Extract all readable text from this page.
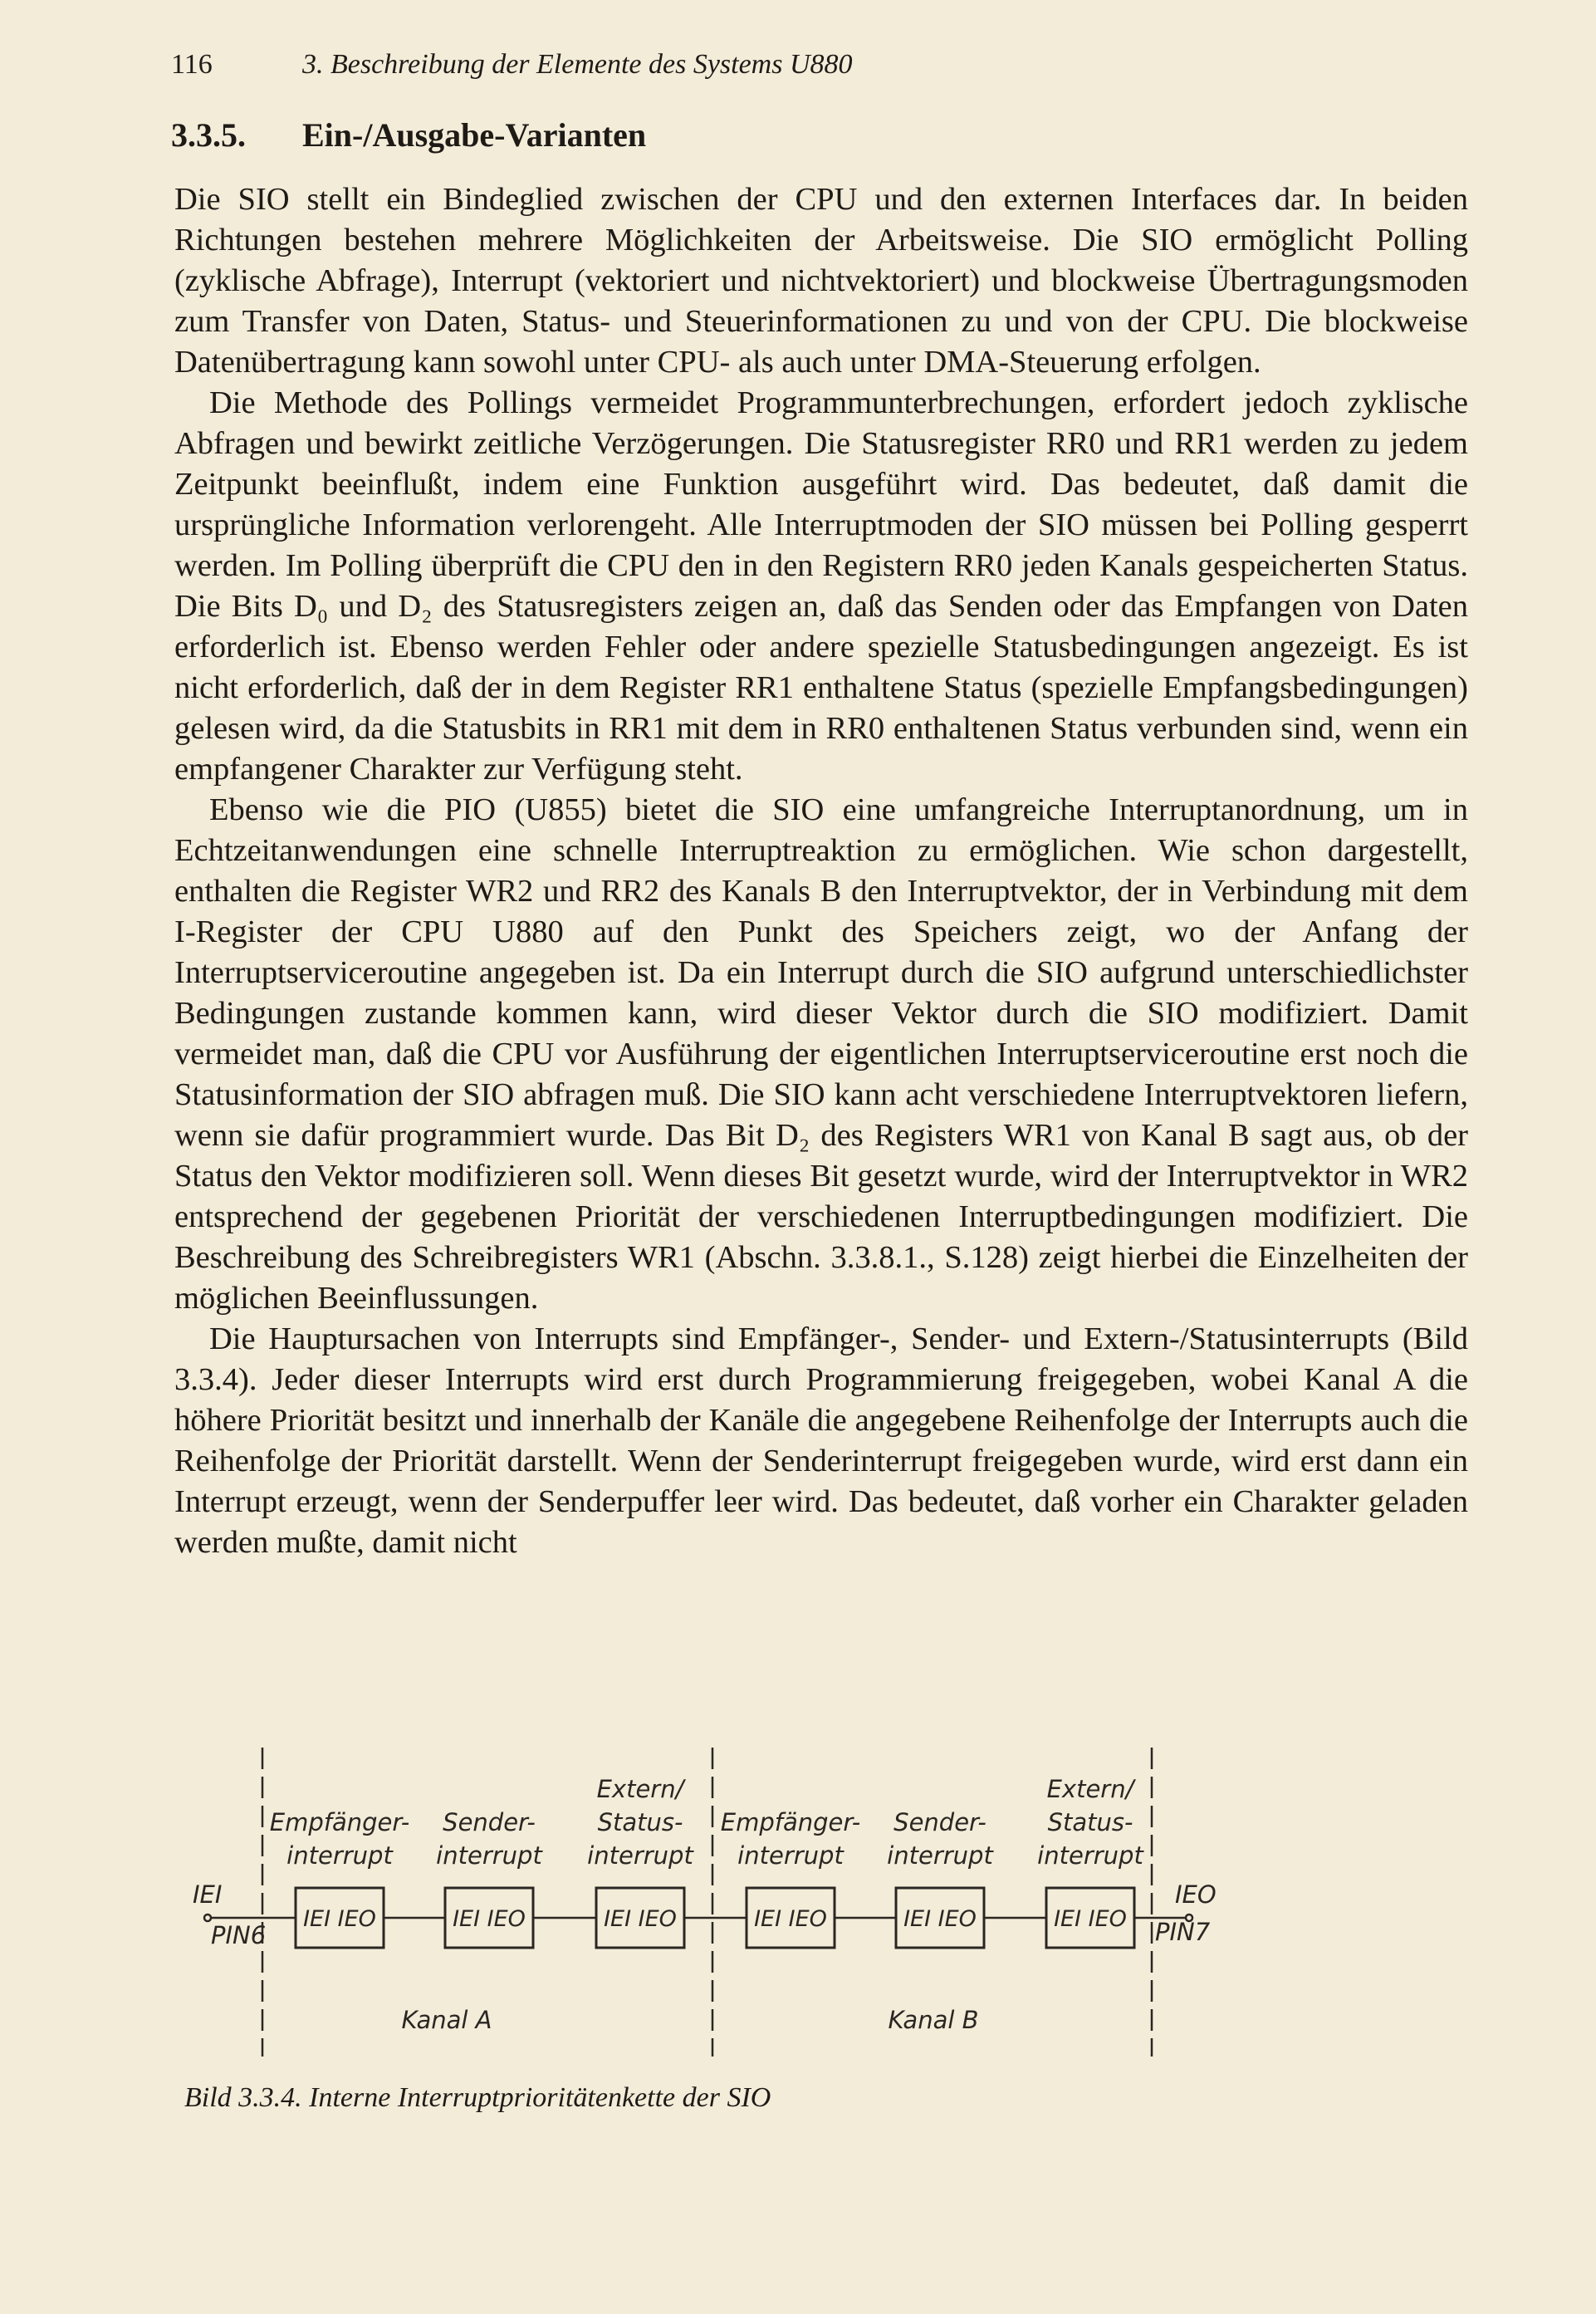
116	3. Beschreibung der Elemente des Systems U880
3.3.5. Ein-/Ausgabe-Varianten

Die SIO stellt ein Bindeglied zwischen der CPU und den externen Interfaces dar. In beiden Richtungen bestehen mehrere Möglichkeiten der Arbeitsweise. Die SIO ermöglicht Polling (zyklische Abfrage), Interrupt (vektoriert und nichtvektoriert) und blockweise Übertragungsmoden zum Transfer von Daten, Status- und Steuerinformationen zu und von der CPU. Die blockweise Datenübertragung kann sowohl unter CPU- als auch unter DMA-Steuerung erfolgen.

Die Methode des Pollings vermeidet Programmunterbrechungen, erfordert jedoch zyklische Abfragen und bewirkt zeitliche Verzögerungen. Die Statusregister RR0 und RR1 werden zu jedem Zeitpunkt beeinflußt, indem eine Funktion ausgeführt wird. Das bedeutet, daß damit die ursprüngliche Information verlorengeht. Alle Interruptmoden der SIO müssen bei Polling gesperrt werden. Im Polling überprüft die CPU den in den Registern RR0 jeden Kanals gespeicherten Status. Die Bits D₀ und D₂ des Statusregisters zeigen an, daß das Senden oder das Empfangen von Daten erforderlich ist. Ebenso werden Fehler oder andere spezielle Statusbedingungen angezeigt. Es ist nicht erforderlich, daß der in dem Register RR1 enthaltene Status (spezielle Empfangsbedingungen) gelesen wird, da die Statusbits in RR1 mit dem in RR0 enthaltenen Status verbunden sind, wenn ein empfangener Charakter zur Verfügung steht.

Ebenso wie die PIO (U855) bietet die SIO eine umfangreiche Interruptanordnung, um in Echtzeitanwendungen eine schnelle Interruptreaktion zu ermöglichen. Wie schon dargestellt, enthalten die Register WR2 und RR2 des Kanals B den Interruptvektor, der in Verbindung mit dem I-Register der CPU U880 auf den Punkt des Speichers zeigt, wo der Anfang der Interruptserviceroutine angegeben ist. Da ein Interrupt durch die SIO aufgrund unterschiedlichster Bedingungen zustande kommen kann, wird dieser Vektor durch die SIO modifiziert. Damit vermeidet man, daß die CPU vor Ausführung der eigentlichen Interruptserviceroutine erst noch die Statusinformation der SIO abfragen muß. Die SIO kann acht verschiedene Interruptvektoren liefern, wenn sie dafür programmiert wurde. Das Bit D₂ des Registers WR1 von Kanal B sagt aus, ob der Status den Vektor modifizieren soll. Wenn dieses Bit gesetzt wurde, wird der Interruptvektor in WR2 entsprechend der gegebenen Priorität der verschiedenen Interruptbedingungen modifiziert. Die Beschreibung des Schreibregisters WR1 (Abschn. 3.3.8.1., S.128) zeigt hierbei die Einzelheiten der möglichen Beeinflussungen.

Die Hauptursachen von Interrupts sind Empfänger-, Sender- und Extern-/Statusinterrupts (Bild 3.3.4). Jeder dieser Interrupts wird erst durch Programmierung freigegeben, wobei Kanal A die höhere Priorität besitzt und innerhalb der Kanäle die angegebene Reihenfolge der Interrupts auch die Reihenfolge der Priorität darstellt. Wenn der Senderinterrupt freigegeben wurde, wird erst dann ein Interrupt erzeugt, wenn der Senderpuffer leer wird. Das bedeutet, daß vorher ein Charakter geladen werden mußte, damit nicht

IEI IEO	IEI IEO	IEI IEO	IEI IEO	IEI IEO	IEI IEO
Empfänger-
interrupt
Sender-
interrupt
Extern/
Status-
interrupt
Empfänger-
interrupt
Sender-
interrupt
Extern/
Status-
interrupt
IEI
PIN6
IEO
PIN7
Kanal A	Kanal B
Bild 3.3.4. Interne Interruptprioritätenkette der SIO
